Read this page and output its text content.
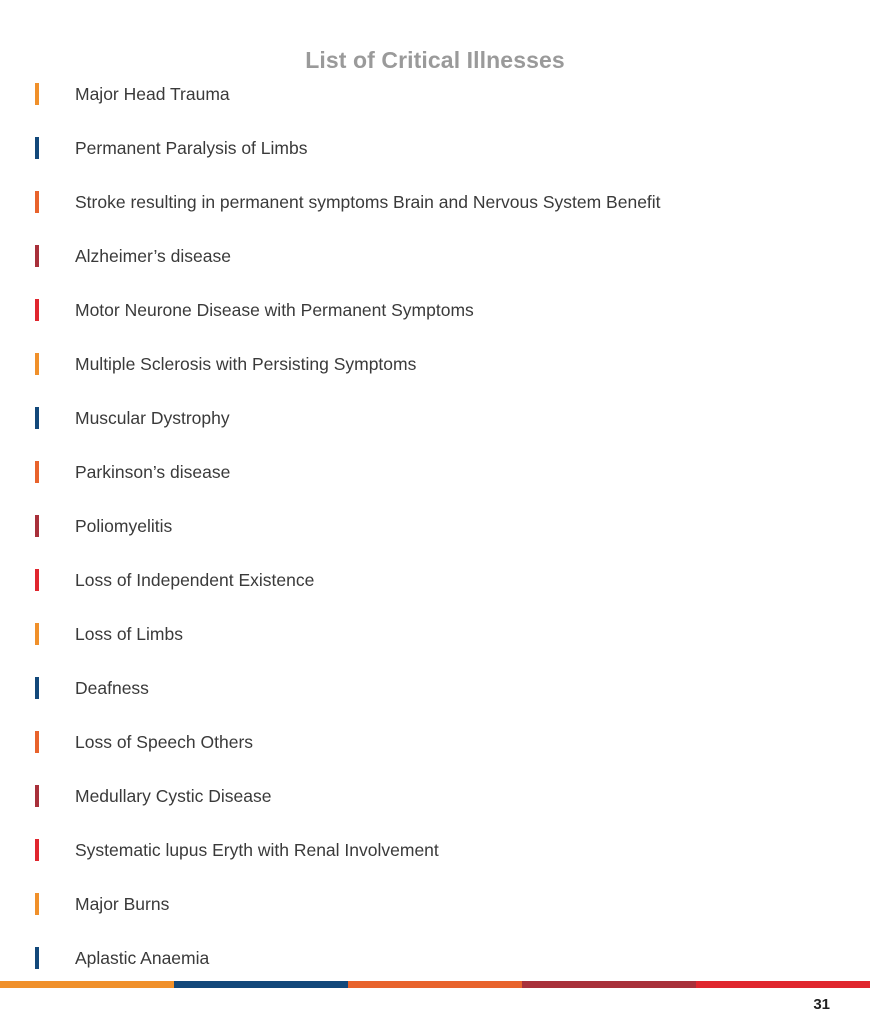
List of Critical Illnesses
Major Head Trauma
Permanent Paralysis of Limbs
Stroke resulting in permanent symptoms Brain and Nervous System Benefit
Alzheimer’s disease
Motor Neurone Disease with Permanent Symptoms
Multiple Sclerosis with Persisting Symptoms
Muscular Dystrophy
Parkinson’s disease
Poliomyelitis
Loss of Independent Existence
Loss of Limbs
Deafness
Loss of Speech Others
Medullary Cystic Disease
Systematic lupus Eryth with Renal Involvement
Major Burns
Aplastic Anaemia
31
